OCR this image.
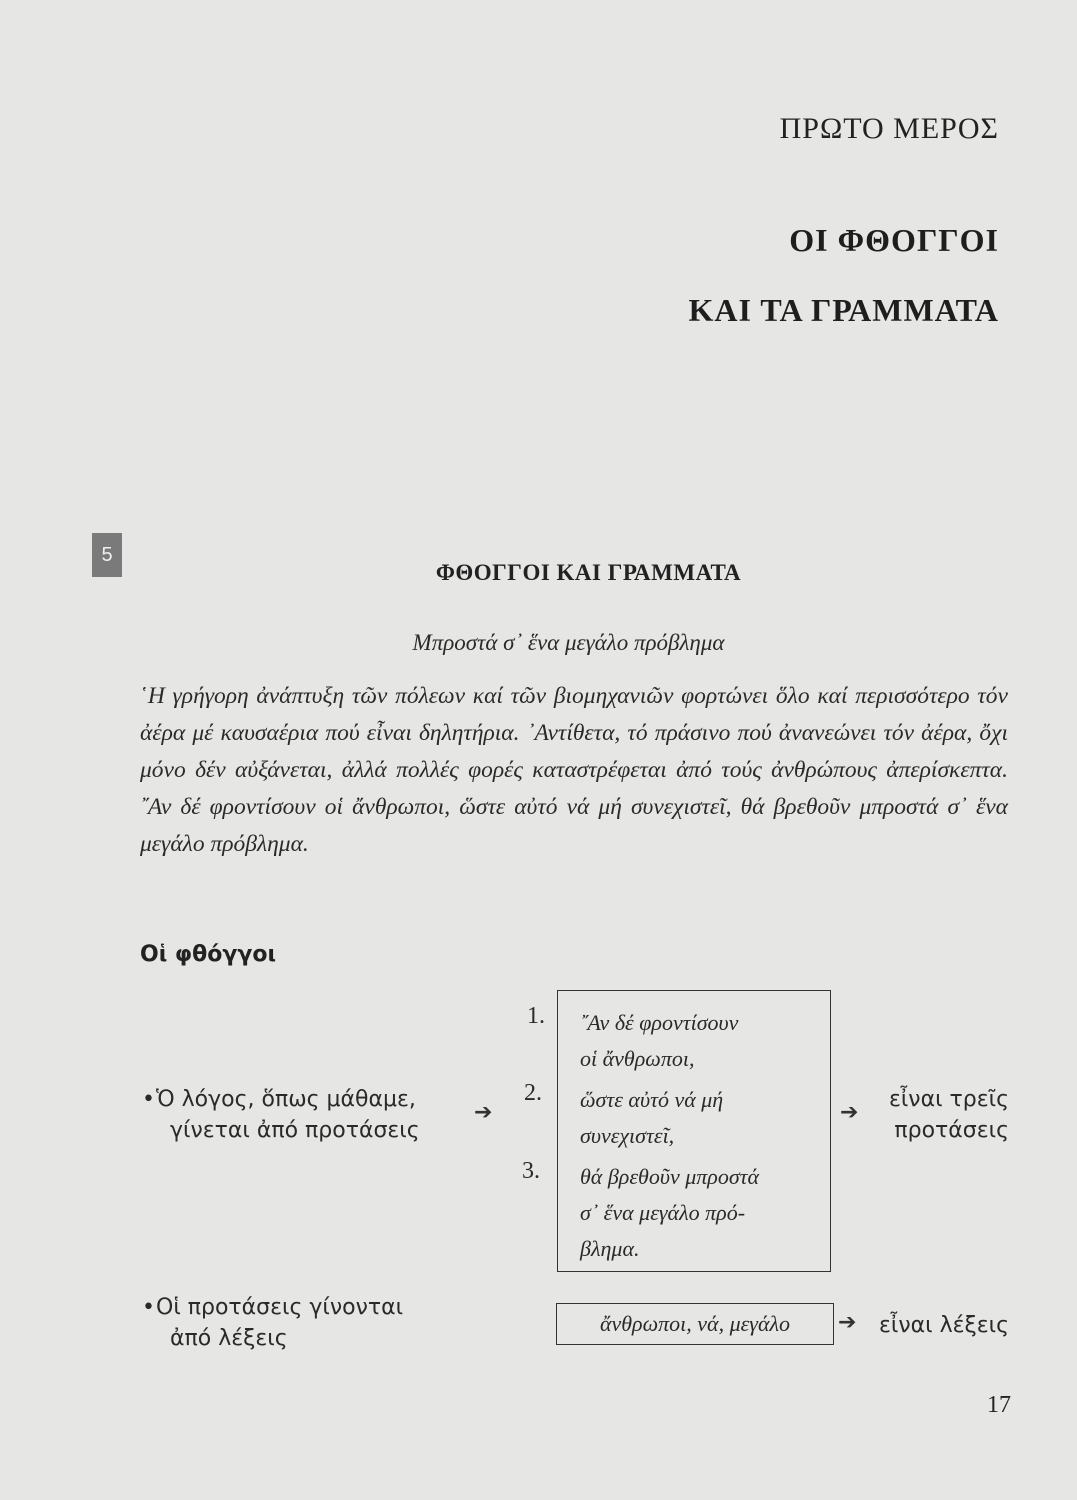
ΠΡΩΤΟ ΜΕΡΟΣ
ΟΙ ΦΘΟΓΓΟΙ
ΚΑΙ ΤΑ ΓΡΑΜΜΑΤΑ
5
ΦΘΟΓΓΟΙ ΚΑΙ ΓΡΑΜΜΑΤΑ
Μπροστά σ᾽ ἕνα μεγάλο πρόβλημα
῾Η γρήγορη ἀνάπτυξη τῶν πόλεων καί τῶν βιομηχανιῶν φορτώνει ὅλο καί περισσότερο τόν ἀέρα μέ καυσαέρια πού εἶναι δηλητήρια. ᾽Αντίθετα, τό πράσινο πού ἀνανεώνει τόν ἀέρα, ὄχι μόνο δέν αὐξάνεται, ἀλλά πολλές φορές καταστρέφεται ἀπό τούς ἀνθρώπους ἀπερίσκεπτα. ῎Αν δέ φροντίσουν οἱ ἄνθρωποι, ὥστε αὐτό νά μή συνεχιστεῖ, θά βρεθοῦν μπροστά σ᾽ ἕνα μεγάλο πρόβλημα.
Οἱ φθόγγοι
•Ὁ λόγος, ὅπως μάθαμε,
γίνεται ἀπό προτάσεις
➔
1.
2.
3.
῎Αν δέ φροντίσουν
οἱ ἄνθρωποι,
ὥστε αὐτό νά μή
συνεχιστεῖ,
θά βρεθοῦν μπροστά
σ᾽ ἕνα μεγάλο πρό-
βλημα.
➔
εἶναι τρεῖς
προτάσεις
•Οἱ προτάσεις γίνονται
ἀπό λέξεις
ἄνθρωποι, νά, μεγάλο	➔ εἶναι λέξεις
17
